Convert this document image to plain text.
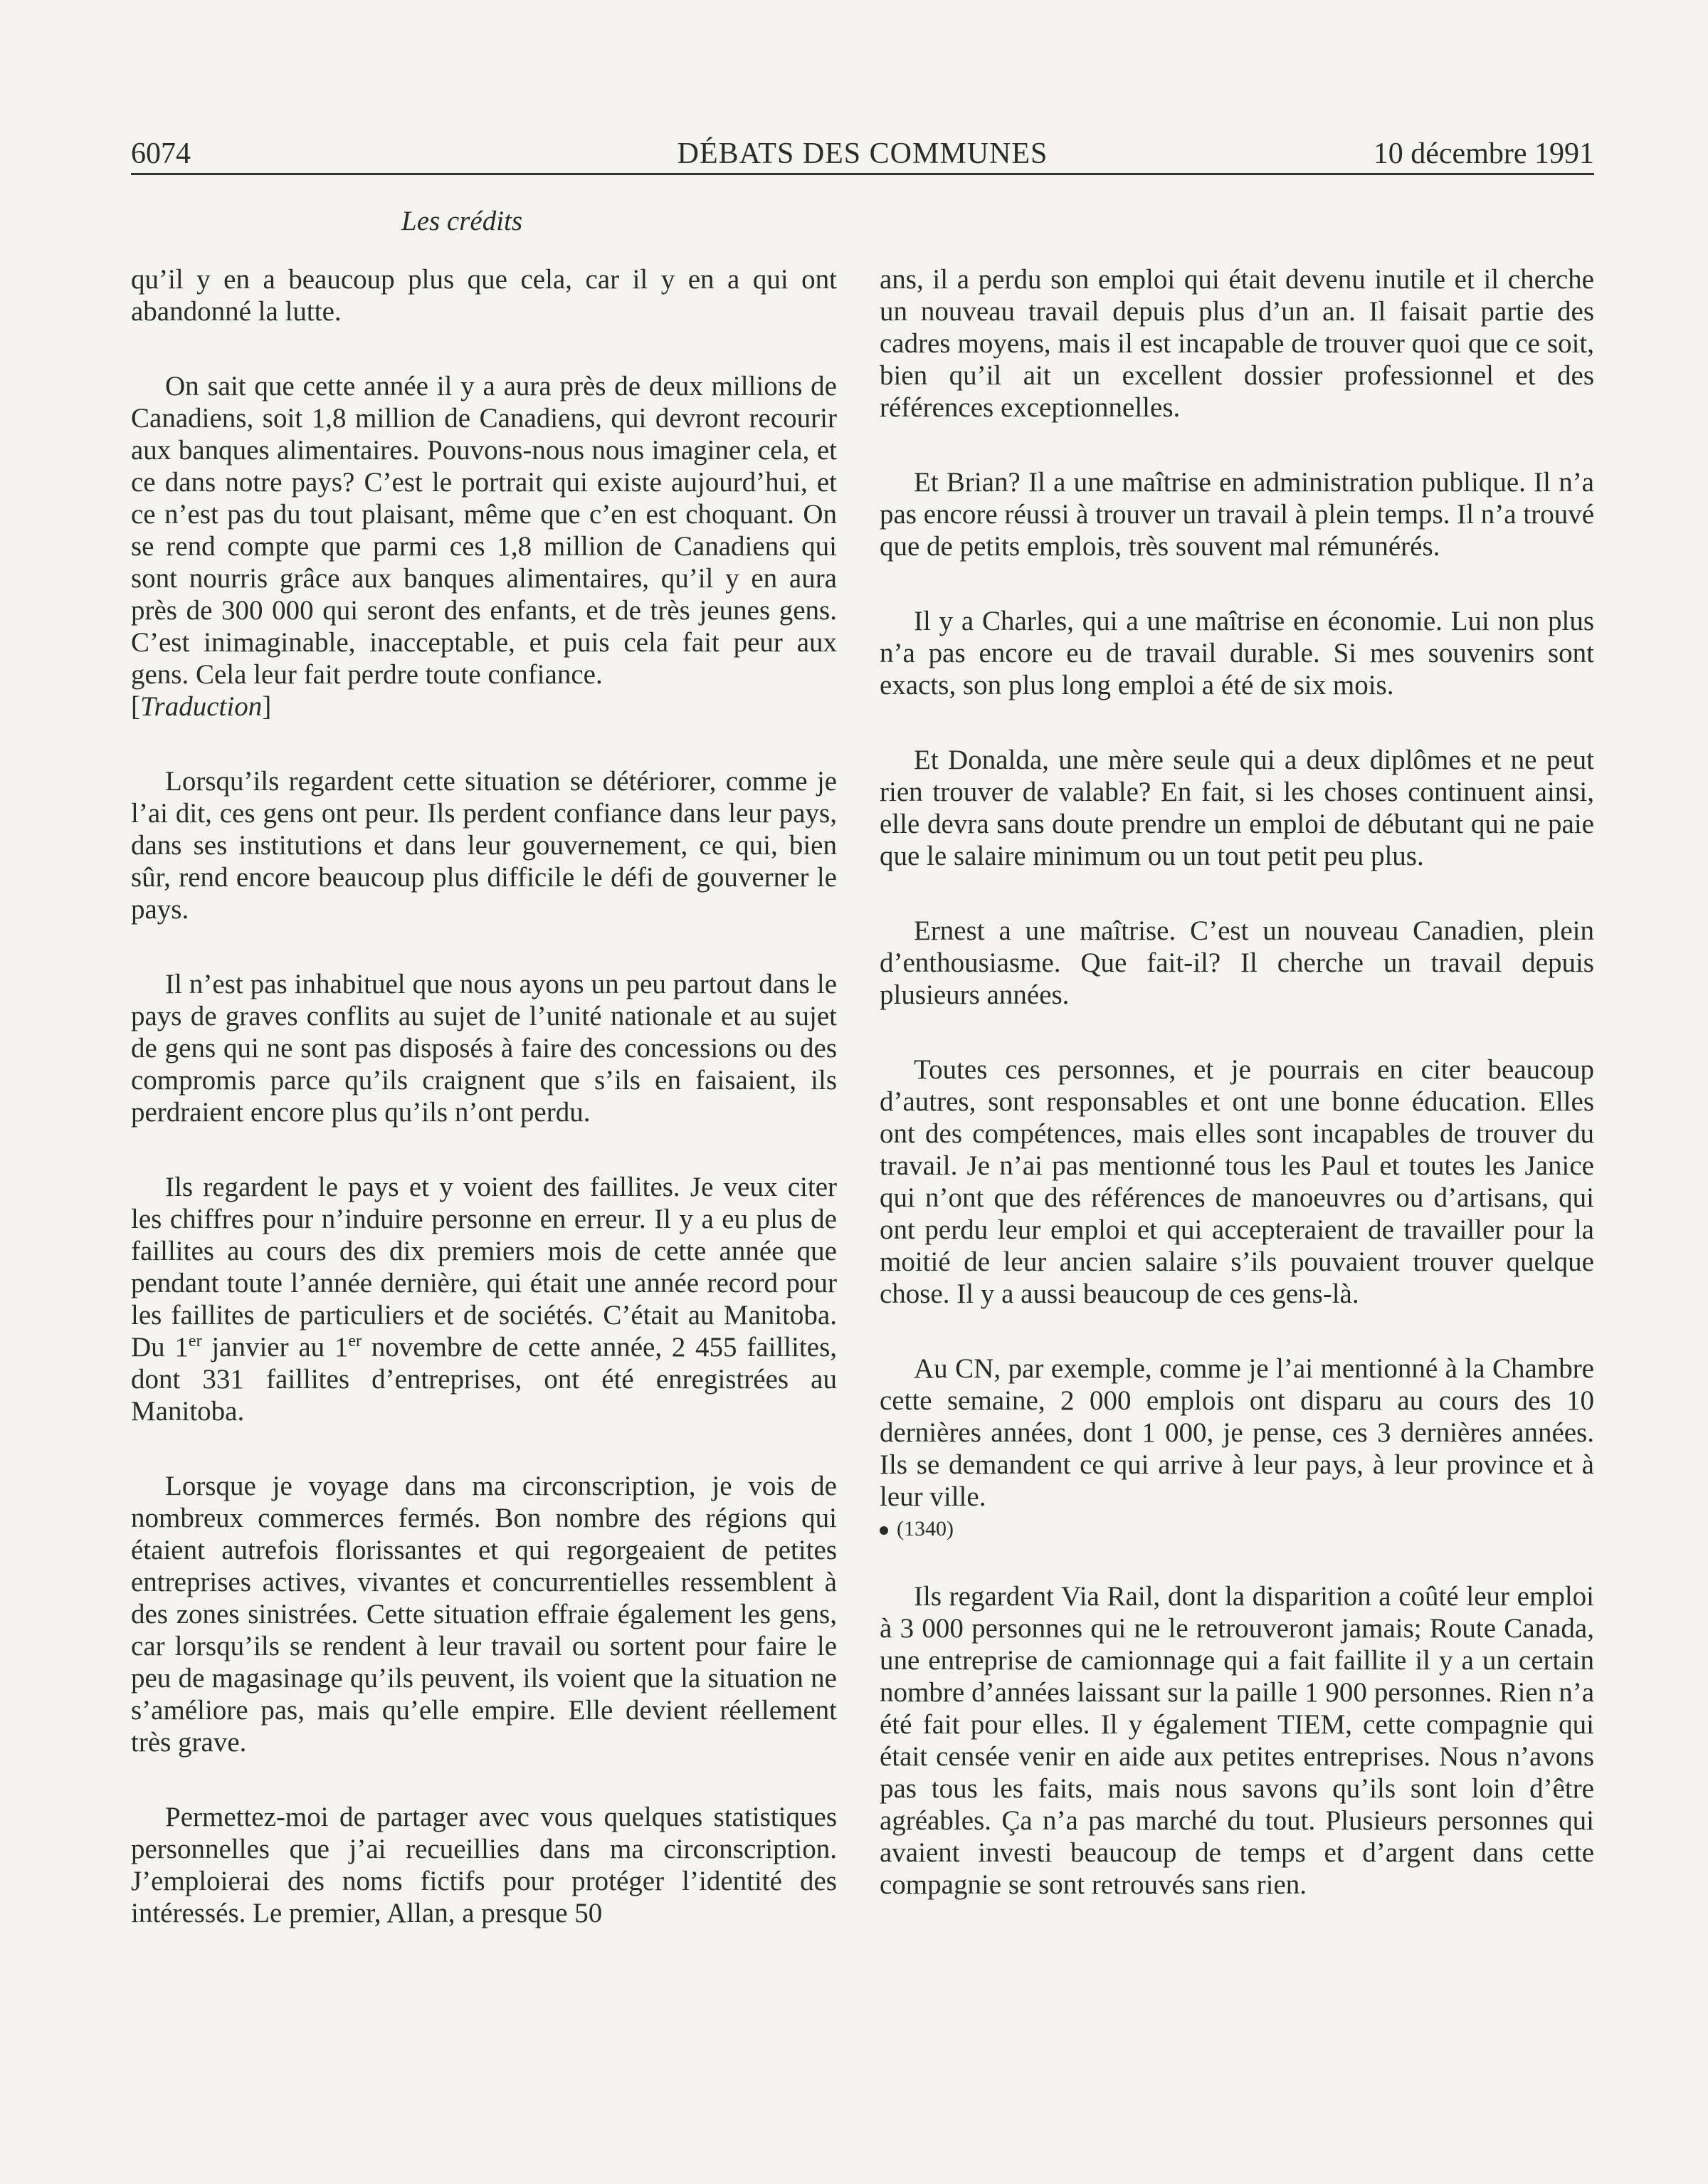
6074	DÉBATS DES COMMUNES	10 décembre 1991
Les crédits

qu’il y en a beaucoup plus que cela, car il y en a qui ont abandonné la lutte.

On sait que cette année il y a aura près de deux millions de Canadiens, soit 1,8 million de Canadiens, qui devront recourir aux banques alimentaires. Pouvons-nous nous imaginer cela, et ce dans notre pays? C’est le portrait qui existe aujourd’hui, et ce n’est pas du tout plaisant, même que c’en est choquant. On se rend compte que parmi ces 1,8 million de Canadiens qui sont nourris grâce aux banques alimentaires, qu’il y en aura près de 300 000 qui seront des enfants, et de très jeunes gens. C’est inimaginable, inacceptable, et puis cela fait peur aux gens. Cela leur fait perdre toute confiance.

[Traduction]

Lorsqu’ils regardent cette situation se détériorer, comme je l’ai dit, ces gens ont peur. Ils perdent confiance dans leur pays, dans ses institutions et dans leur gouvernement, ce qui, bien sûr, rend encore beaucoup plus difficile le défi de gouverner le pays.

Il n’est pas inhabituel que nous ayons un peu partout dans le pays de graves conflits au sujet de l’unité nationale et au sujet de gens qui ne sont pas disposés à faire des concessions ou des compromis parce qu’ils craignent que s’ils en faisaient, ils perdraient encore plus qu’ils n’ont perdu.

Ils regardent le pays et y voient des faillites. Je veux citer les chiffres pour n’induire personne en erreur. Il y a eu plus de faillites au cours des dix premiers mois de cette année que pendant toute l’année dernière, qui était une année record pour les faillites de particuliers et de sociétés. C’était au Manitoba. Du 1er janvier au 1er novembre de cette année, 2 455 faillites, dont 331 faillites d’entreprises, ont été enregistrées au Manitoba.

Lorsque je voyage dans ma circonscription, je vois de nombreux commerces fermés. Bon nombre des régions qui étaient autrefois florissantes et qui regorgeaient de petites entreprises actives, vivantes et concurrentielles ressemblent à des zones sinistrées. Cette situation effraie également les gens, car lorsqu’ils se rendent à leur travail ou sortent pour faire le peu de magasinage qu’ils peuvent, ils voient que la situation ne s’améliore pas, mais qu’elle empire. Elle devient réellement très grave.

Permettez-moi de partager avec vous quelques statistiques personnelles que j’ai recueillies dans ma circonscription. J’emploierai des noms fictifs pour protéger l’identité des intéressés. Le premier, Allan, a presque 50

ans, il a perdu son emploi qui était devenu inutile et il cherche un nouveau travail depuis plus d’un an. Il faisait partie des cadres moyens, mais il est incapable de trouver quoi que ce soit, bien qu’il ait un excellent dossier professionnel et des références exceptionnelles.

Et Brian? Il a une maîtrise en administration publique. Il n’a pas encore réussi à trouver un travail à plein temps. Il n’a trouvé que de petits emplois, très souvent mal rémunérés.

Il y a Charles, qui a une maîtrise en économie. Lui non plus n’a pas encore eu de travail durable. Si mes souvenirs sont exacts, son plus long emploi a été de six mois.

Et Donalda, une mère seule qui a deux diplômes et ne peut rien trouver de valable? En fait, si les choses continuent ainsi, elle devra sans doute prendre un emploi de débutant qui ne paie que le salaire minimum ou un tout petit peu plus.

Ernest a une maîtrise. C’est un nouveau Canadien, plein d’enthousiasme. Que fait-il? Il cherche un travail depuis plusieurs années.

Toutes ces personnes, et je pourrais en citer beaucoup d’autres, sont responsables et ont une bonne éducation. Elles ont des compétences, mais elles sont incapables de trouver du travail. Je n’ai pas mentionné tous les Paul et toutes les Janice qui n’ont que des références de manoeuvres ou d’artisans, qui ont perdu leur emploi et qui accepteraient de travailler pour la moitié de leur ancien salaire s’ils pouvaient trouver quelque chose. Il y a aussi beaucoup de ces gens-là.

Au CN, par exemple, comme je l’ai mentionné à la Chambre cette semaine, 2 000 emplois ont disparu au cours des 10 dernières années, dont 1 000, je pense, ces 3 dernières années. Ils se demandent ce qui arrive à leur pays, à leur province et à leur ville.

(1340)

Ils regardent Via Rail, dont la disparition a coûté leur emploi à 3 000 personnes qui ne le retrouveront jamais; Route Canada, une entreprise de camionnage qui a fait faillite il y a un certain nombre d’années laissant sur la paille 1 900 personnes. Rien n’a été fait pour elles. Il y également TIEM, cette compagnie qui était censée venir en aide aux petites entreprises. Nous n’avons pas tous les faits, mais nous savons qu’ils sont loin d’être agréables. Ça n’a pas marché du tout. Plusieurs personnes qui avaient investi beaucoup de temps et d’argent dans cette compagnie se sont retrouvés sans rien.
